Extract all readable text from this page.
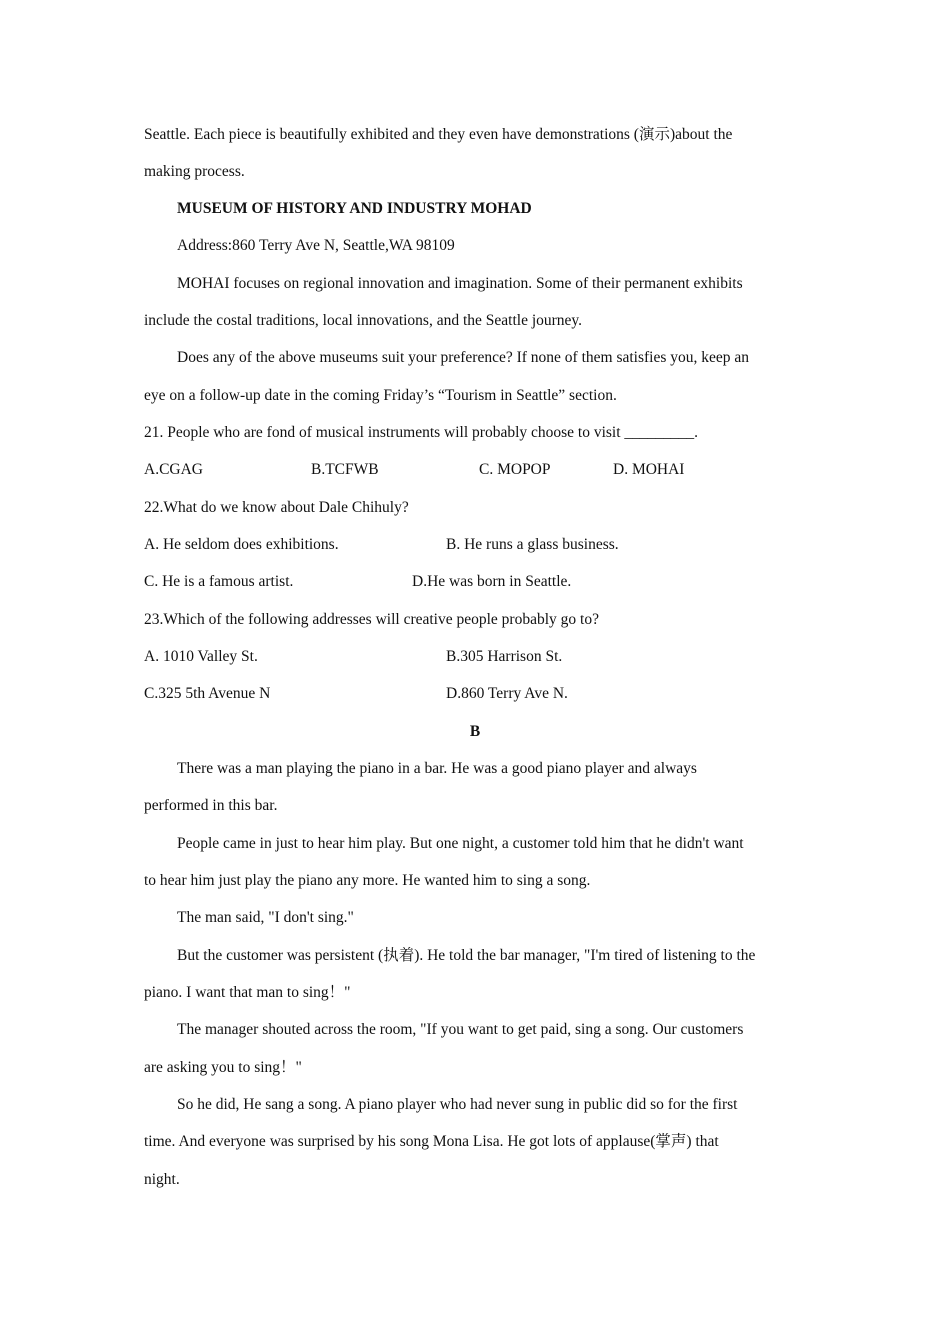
Seattle. Each piece is beautifully exhibited and they even have demonstrations (演示)about the
making process.
MUSEUM OF HISTORY AND INDUSTRY MOHAD
Address:860 Terry Ave N, Seattle,WA 98109
MOHAI focuses on regional innovation and imagination. Some of their permanent exhibits
include the costal traditions, local innovations, and the Seattle journey.
Does any of the above museums suit your preference? If none of them satisfies you, keep an
eye on a follow-up date in the coming Friday’s “Tourism in Seattle” section.
21. People who are fond of musical instruments will probably choose to visit _________.
A.CGAG	B.TCFWB	C. MOPOP	D. MOHAI
22.What do we know about Dale Chihuly?
A. He seldom does exhibitions.	B. He runs a glass business.
C. He is a famous artist.	D.He was born in Seattle.
23.Which of the following addresses will creative people probably go to?
A. 1010 Valley St.	B.305 Harrison St.
C.325 5th Avenue N	D.860 Terry Ave N.
B
There was a man playing the piano in a bar. He was a good piano player and always
performed in this bar.
People came in just to hear him play. But one night, a customer told him that he didn't want
to hear him just play the piano any more. He wanted him to sing a song.
The man said, "I don't sing."
But the customer was persistent (执着). He told the bar manager, "I'm tired of listening to the
piano. I want that man to sing！"
The manager shouted across the room, "If you want to get paid, sing a song. Our customers
are asking you to sing！"
So he did, He sang a song. A piano player who had never sung in public did so for the first
time. And everyone was surprised by his song Mona Lisa. He got lots of applause(掌声) that
night.
